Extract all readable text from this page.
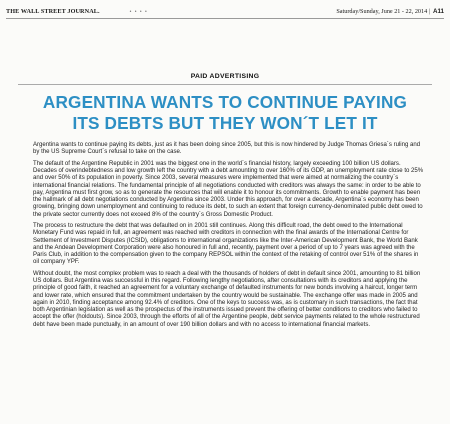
THE WALL STREET JOURNAL.	• • • •	Saturday/Sunday, June 21 - 22, 2014 | A11
PAID ADVERTISING
ARGENTINA WANTS TO CONTINUE PAYING
ITS DEBTS BUT THEY WON´T LET IT

Argentina wants to continue paying its debts, just as it has been doing since 2005, but this is now hindered by Judge Thomas Griesa´s ruling and by the US Supreme Court´s refusal to take on the case.

The default of the Argentine Republic in 2001 was the biggest one in the world´s financial history, largely exceeding 100 billion US dollars. Decades of overindebtedness and low growth left the country with a debt amounting to over 160% of its GDP, an unemployment rate close to 25% and over 50% of its population in poverty. Since 2003, several measures were implemented that were aimed at normalizing the country´s international financial relations. The fundamental principle of all negotiations conducted with creditors was always the same: in order to be able to pay, Argentina must first grow, so as to generate the resources that will enable it to honour its commitments. Growth to enable payment has been the hallmark of all debt negotiations conducted by Argentina since 2003. Under this approach, for over a decade, Argentina´s economy has been growing, bringing down unemployment and continuing to reduce its debt, to such an extent that foreign currency-denominated public debt owed to the private sector currently does not exceed 8% of the country´s Gross Domestic Product.

The process to restructure the debt that was defaulted on in 2001 still continues. Along this difficult road, the debt owed to the International Monetary Fund was repaid in full, an agreement was reached with creditors in connection with the final awards of the International Centre for Settlement of Investment Disputes (ICSID), obligations to international organizations like the Inter-American Development Bank, the World Bank and the Andean Development Corporation were also honoured in full and, recently, payment over a period of up to 7 years was agreed with the Paris Club, in addition to the compensation given to the company REPSOL within the context of the retaking of control over 51% of the shares in oil company YPF.

Without doubt, the most complex problem was to reach a deal with the thousands of holders of debt in default since 2001, amounting to 81 billion US dollars. But Argentina was successful in this regard. Following lengthy negotiations, after consultations with its creditors and applying the principle of good faith, it reached an agreement for a voluntary exchange of defaulted instruments for new bonds involving a haircut, longer term and lower rate, which ensured that the commitment undertaken by the country would be sustainable. The exchange offer was made in 2005 and again in 2010, finding acceptance among 92.4% of creditors. One of the keys to success was, as is customary in such transactions, the fact that both Argentinian legislation as well as the prospectus of the instruments issued prevent the offering of better conditions to creditors who failed to accept the offer (holdouts). Since 2003, through the efforts of all of the Argentine people, debt service payments related to the whole restructured debt have been made punctually, in an amount of over 190 billion dollars and with no access to international financial markets.
